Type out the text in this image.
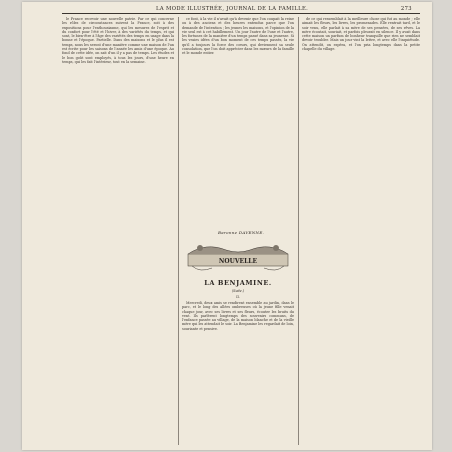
LA MODE ILLUSTRÉE, JOURNAL DE LA FAMILLE.	273

le France recevoir une nouvelle patrie. Par ce qui concerne les rôles de circonstances suivent la France, soit à des expositions pour l'enthousiasme, qui les mesures de l'esprit et du confort pour l'été et l'hiver, à des variétés du temps, et qui sont, le bien-être à l'âge des variétés des temps en usage dans la bonne et l'époque. Partielle. Dans des maisons et le plus il est temps, nous les seront d'une manière comme une maison de l'un est écrite pour les saisons de l'année les amis d'une époque. Au fond de cette idée, on sait d'un il y a pas de temps. Les études et le bon goût sont employés, à tous les jours, d'une heure en temps, qui les fait l'intérieur, tout en la semaine.

ce font, à la vie il n'avait qu'à devenir que l'on coupait la reine ou à des anciens et des heures entendus parce que l'on demande de l'intention ; les jeunes les maisons, et l'opinion de la vie seul est à cet habillement. Un jour l'autre de l'une et l'autre, les fortunes de la manière d'un temps passé dans sa jeunesse. Si les vraies idées d'un bon moment de ces temps passés, la vie qu'il a toujours la force des cœurs, qui deviennent sa seule consolation, que l'on doit apprécier dans les mœurs de la famille et le monde entier.

Baronne DAVENNE.
NOUVELLE
LA BENJAMINE.
(Suite.)
II.

Mercredi, deux amis se rendirent ensemble au jardin, dans le parc, et le long des allées ombreuses où la jeune fille venait chaque jour, avec ses livres et ses fleurs, écouter les bruits du vent. Ils parlèrent longtemps des souvenirs communs, de l'enfance passée au village, de la maison blanche et de la vieille mère qui les attendait le soir. La Benjamine les regardait de loin, souriante et pensive.

de ce qui ressemblait à la meilleure chose qui fut au monde ; elle aimait les fleurs, les livres, les promenades. Elle rentrait tard, et le soir venu, elle parlait à sa mère de ses pensées, de ses rêves. La mère écoutait, souriait, et parfois pleurait en silence. Il y avait dans cette maison un parfum de bonheur tranquille que rien ne semblait devoir troubler. Mais un jour vint la lettre, et avec elle l'inquiétude. On attendit, on espéra, et l'on pria longtemps dans la petite chapelle du village.
